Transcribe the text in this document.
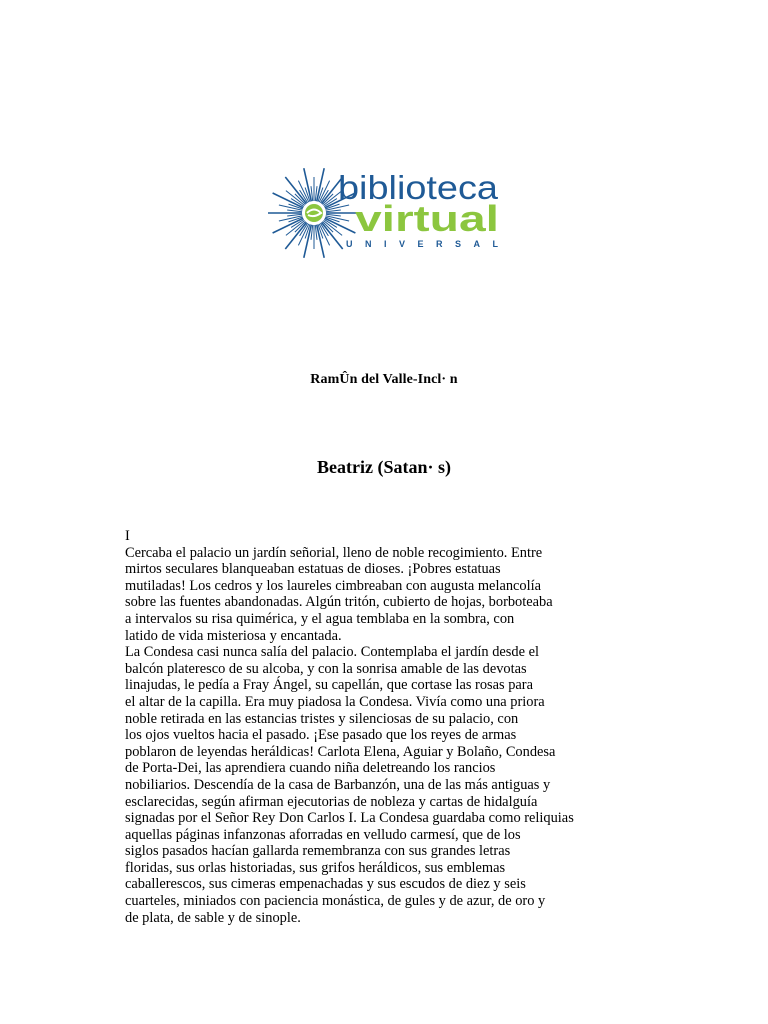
biblioteca
virtual
UNIVERSAL
RamÛn del Valle-Incl· n
Beatriz (Satan· s)
I
Cercaba el palacio un jardín señorial, lleno de noble recogimiento. Entre
mirtos seculares blanqueaban estatuas de dioses. ¡Pobres estatuas
mutiladas! Los cedros y los laureles cimbreaban con augusta melancolía
sobre las fuentes abandonadas. Algún tritón, cubierto de hojas, borboteaba
a intervalos su risa quimérica, y el agua temblaba en la sombra, con
latido de vida misteriosa y encantada.
La Condesa casi nunca salía del palacio. Contemplaba el jardín desde el
balcón plateresco de su alcoba, y con la sonrisa amable de las devotas
linajudas, le pedía a Fray Ángel, su capellán, que cortase las rosas para
el altar de la capilla. Era muy piadosa la Condesa. Vivía como una priora
noble retirada en las estancias tristes y silenciosas de su palacio, con
los ojos vueltos hacia el pasado. ¡Ese pasado que los reyes de armas
poblaron de leyendas heráldicas! Carlota Elena, Aguiar y Bolaño, Condesa
de Porta-Dei, las aprendiera cuando niña deletreando los rancios
nobiliarios. Descendía de la casa de Barbanzón, una de las más antiguas y
esclarecidas, según afirman ejecutorias de nobleza y cartas de hidalguía
signadas por el Señor Rey Don Carlos I. La Condesa guardaba como reliquias
aquellas páginas infanzonas aforradas en velludo carmesí, que de los
siglos pasados hacían gallarda remembranza con sus grandes letras
floridas, sus orlas historiadas, sus grifos heráldicos, sus emblemas
caballerescos, sus cimeras empenachadas y sus escudos de diez y seis
cuarteles, miniados con paciencia monástica, de gules y de azur, de oro y
de plata, de sable y de sinople.
